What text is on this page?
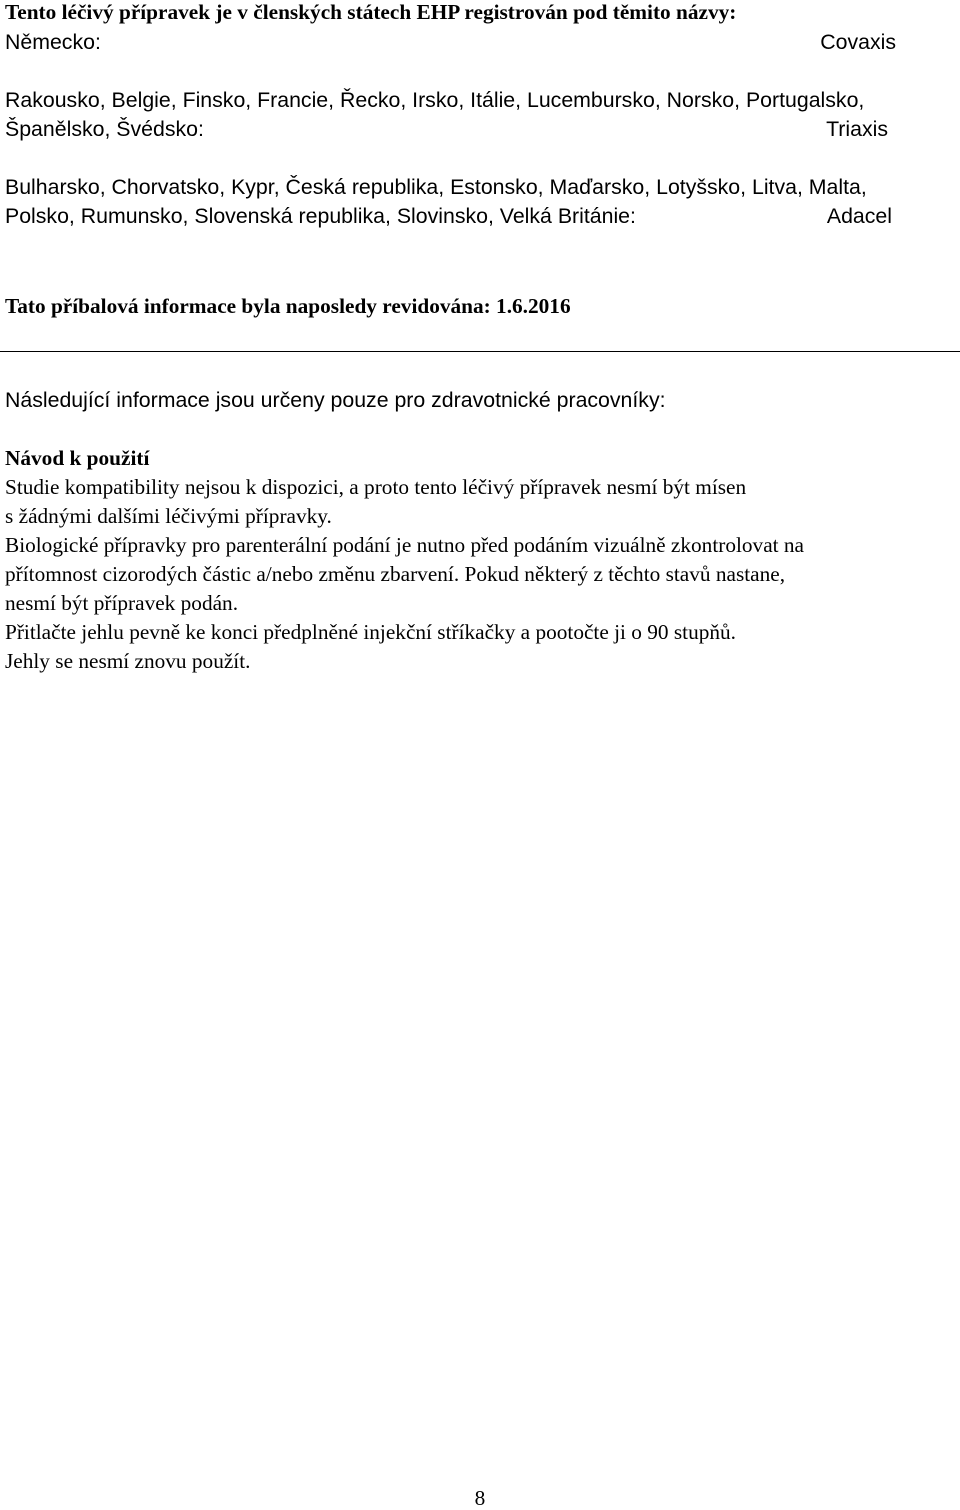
Tento léčivý přípravek je v členských státech EHP registrován pod těmito názvy:
Německo:	Covaxis
Rakousko, Belgie, Finsko, Francie, Řecko, Irsko, Itálie, Lucembursko, Norsko, Portugalsko,
Španělsko, Švédsko:	Triaxis
Bulharsko, Chorvatsko, Kypr, Česká republika, Estonsko, Maďarsko, Lotyšsko, Litva, Malta,
Polsko, Rumunsko, Slovenská republika, Slovinsko, Velká Británie:	Adacel
Tato příbalová informace byla naposledy revidována: 1.6.2016
Následující informace jsou určeny pouze pro zdravotnické pracovníky:
Návod k použití
Studie kompatibility nejsou k dispozici, a proto tento léčivý přípravek nesmí být mísen
s žádnými dalšími léčivými přípravky.
Biologické přípravky pro parenterální podání je nutno před podáním vizuálně zkontrolovat na
přítomnost cizorodých částic a/nebo změnu zbarvení. Pokud některý z těchto stavů nastane,
nesmí být přípravek podán.
Přitlačte jehlu pevně ke konci předplněné injekční stříkačky a pootočte ji o 90 stupňů.
Jehly se nesmí znovu použít.
8
